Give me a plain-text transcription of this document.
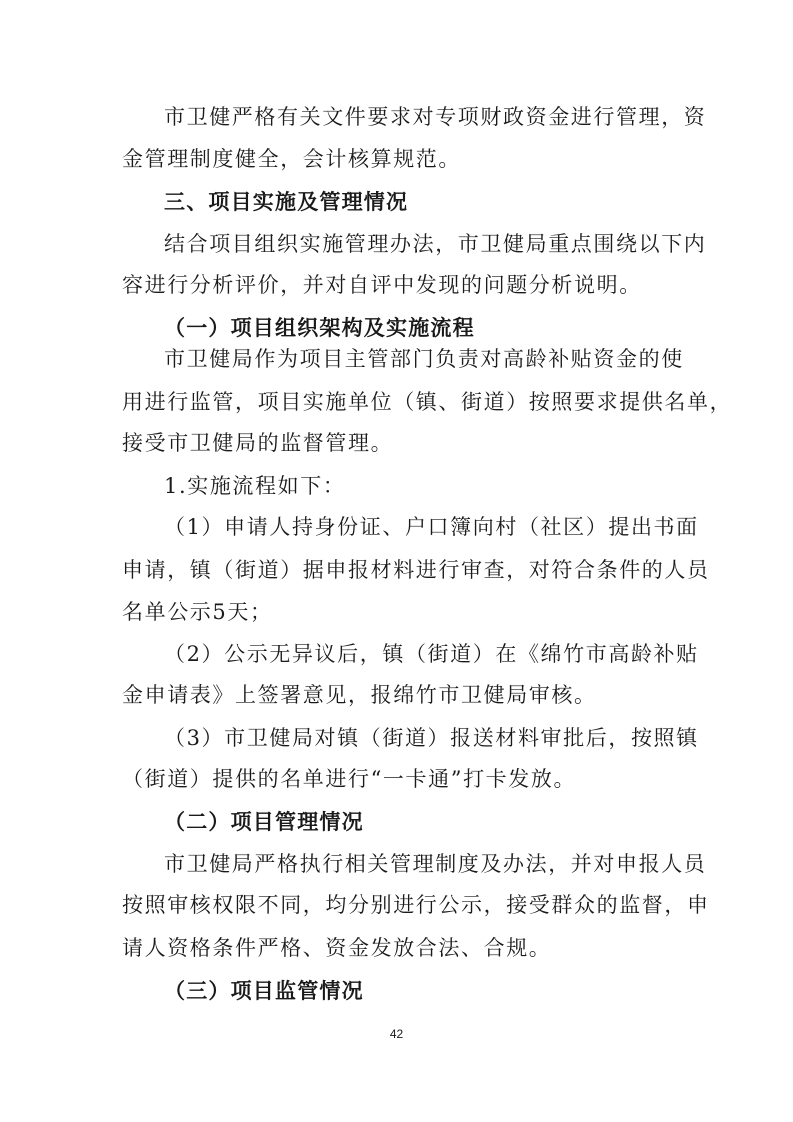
市卫健严格有关文件要求对专项财政资金进行管理，资
金管理制度健全，会计核算规范。
三、项目实施及管理情况
结合项目组织实施管理办法，市卫健局重点围绕以下内
容进行分析评价，并对自评中发现的问题分析说明。
（一）项目组织架构及实施流程
市卫健局作为项目主管部门负责对高龄补贴资金的使
用进行监管，项目实施单位（镇、街道）按照要求提供名单，
接受市卫健局的监督管理。
1.实施流程如下：
（1）申请人持身份证、户口簿向村（社区）提出书面
申请，镇（街道）据申报材料进行审查，对符合条件的人员
名单公示5天；
（2）公示无异议后，镇（街道）在《绵竹市高龄补贴
金申请表》上签署意见，报绵竹市卫健局审核。
（3）市卫健局对镇（街道）报送材料审批后，按照镇
（街道）提供的名单进行“一卡通”打卡发放。
（二）项目管理情况
市卫健局严格执行相关管理制度及办法，并对申报人员
按照审核权限不同，均分别进行公示，接受群众的监督，申
请人资格条件严格、资金发放合法、合规。
（三）项目监管情况
42
